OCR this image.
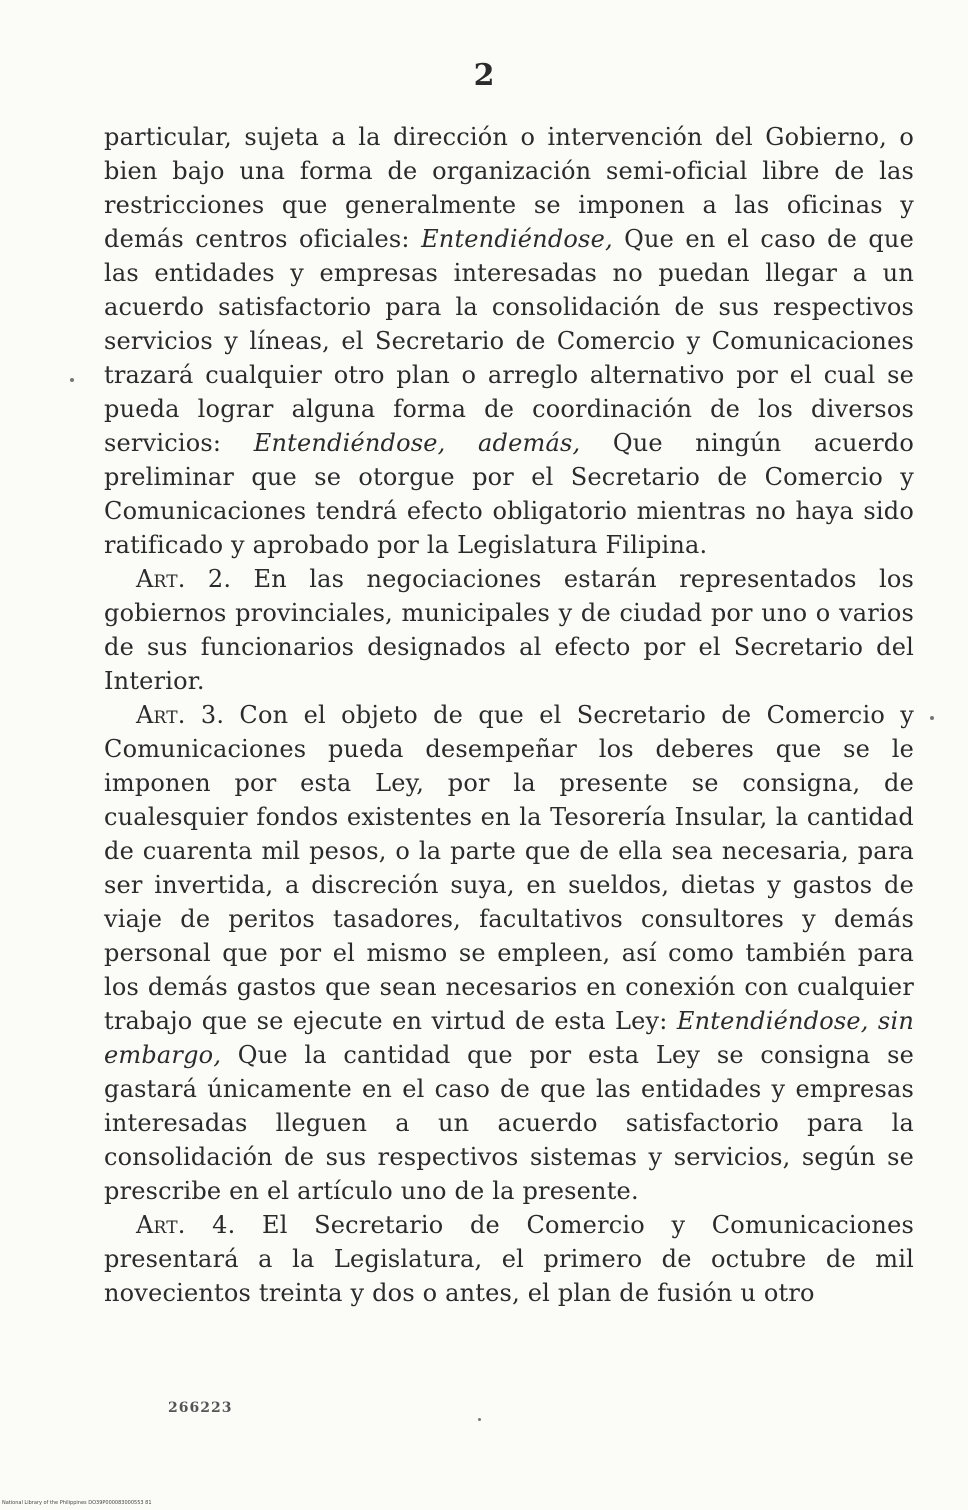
2

particular, sujeta a la dirección o intervención del Gobierno, o bien bajo una forma de organización semi-oficial libre de las restricciones que generalmente se imponen a las oficinas y demás centros oficiales: Entendiéndose, Que en el caso de que las entidades y empresas interesadas no puedan llegar a un acuerdo satisfactorio para la consolidación de sus respectivos servicios y líneas, el Secretario de Comercio y Comunicaciones trazará cualquier otro plan o arreglo alternativo por el cual se pueda lograr alguna forma de coordinación de los diversos servicios: Entendiéndose, además, Que ningún acuerdo preliminar que se otorgue por el Secretario de Comercio y Comunicaciones tendrá efecto obligatorio mientras no haya sido ratificado y aprobado por la Legislatura Filipina.

Art. 2. En las negociaciones estarán representados los gobiernos provinciales, municipales y de ciudad por uno o varios de sus funcionarios designados al efecto por el Secretario del Interior.

Art. 3. Con el objeto de que el Secretario de Comercio y Comunicaciones pueda desempeñar los deberes que se le imponen por esta Ley, por la presente se consigna, de cualesquier fondos existentes en la Tesorería Insular, la cantidad de cuarenta mil pesos, o la parte que de ella sea necesaria, para ser invertida, a discreción suya, en sueldos, dietas y gastos de viaje de peritos tasadores, facultativos consultores y demás personal que por el mismo se empleen, así como también para los demás gastos que sean necesarios en conexión con cualquier trabajo que se ejecute en virtud de esta Ley: Entendiéndose, sin embargo, Que la cantidad que por esta Ley se consigna se gastará únicamente en el caso de que las entidades y empresas interesadas lleguen a un acuerdo satisfactorio para la consolidación de sus respectivos sistemas y servicios, según se prescribe en el artículo uno de la presente.

Art. 4. El Secretario de Comercio y Comunicaciones presentará a la Legislatura, el primero de octubre de mil novecientos treinta y dos o antes, el plan de fusión u otro

266223
National Library of the Philippines DO39P000083000553 81
